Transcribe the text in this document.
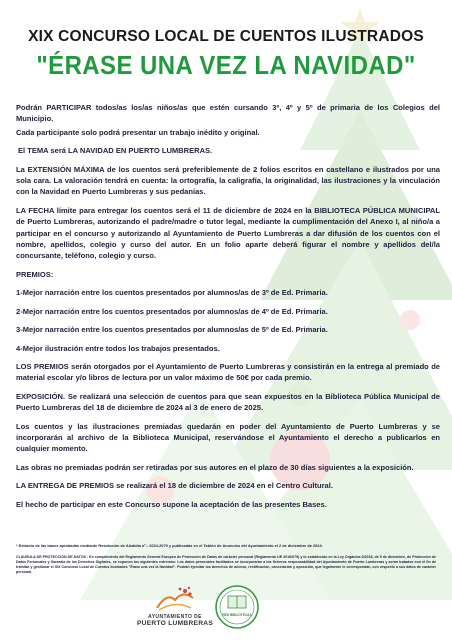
XIX CONCURSO LOCAL DE CUENTOS ILUSTRADOS
"ÉRASE UNA VEZ LA NAVIDAD"

Podrán PARTICIPAR todos/as los/as niños/as que estén cursando 3º, 4º y 5º de primaria de los Colegios del Municipio.

Cada participante solo podrá presentar un trabajo inédito y original.

El TEMA será LA NAVIDAD EN PUERTO LUMBRERAS.

La EXTENSIÓN MÁXIMA de los cuentos será preferiblemente de 2 folios escritos en castellano e ilustrados por una sola cara. La valoración tendrá en cuenta: la ortografía, la caligrafía, la originalidad, las ilustraciones y la vinculación con la Navidad en Puerto Lumbreras y sus pedanías.

LA FECHA límite para entregar los cuentos será el 11 de diciembre de 2024 en la BIBLIOTECA PÚBLICA MUNICIPAL de Puerto Lumbreras, autorizando el padre/madre o tutor legal, mediante la cumplimentación del Anexo I, al niño/a a participar en el concurso y autorizando al Ayuntamiento de Puerto Lumbreras a dar difusión de los cuentos con el nombre, apellidos, colegio y curso del autor. En un folio aparte deberá figurar el nombre y apellidos del/la concursante, teléfono, colegio y curso.

PREMIOS:

1-Mejor narración entre los cuentos presentados por alumnos/as de 3º de Ed. Primaria.

2-Mejor narración entre los cuentos presentados por alumnos/as de 4º de Ed. Primaria.

3-Mejor narración entre los cuentos presentados por alumnos/as de 5º de Ed. Primaria.

4-Mejor ilustración entre todos los trabajos presentados.

LOS PREMIOS serán otorgados por el Ayuntamiento de Puerto Lumbreras y consistirán en la entrega al premiado de material escolar y/o libros de lectura por un valor máximo de 50€ por cada premio.

EXPOSICIÓN. Se realizará una selección de cuentos para que sean expuestos en la Biblioteca Pública Municipal de Puerto Lumbreras del 18 de diciembre de 2024 al 3 de enero de 2025.

Los cuentos y las ilustraciones premiadas quedarán en poder del Ayuntamiento de Puerto Lumbreras y se incorporarán al archivo de la Biblioteca Municipal, reservándose el Ayuntamiento el derecho a publicarlos en cualquier momento.

Las obras no premiadas podrán ser retiradas por sus autores en el plazo de 30 días siguientes a la exposición.

LA ENTREGA DE PREMIOS se realizará el 18 de diciembre de 2024 en el Centro Cultural.

El hecho de participar en este Concurso supone la aceptación de las presentes Bases.

* Extracto de las bases aprobadas mediante Resolución de Alcaldía nº.: 2024-2079 y publicadas en el Tablón de Anuncios del Ayuntamiento el 2 de diciembre de 2024.
CLÁUSULA DE PROTECCIÓN DE DATOS : En cumplimiento del Reglamento General Europeo de Protección de Datos de carácter personal (Reglamento UE 2016/679) y lo establecido en la Ley Orgánica 3/2018, de 5 de diciembre, de Protección de Datos Personales y Garantía de los Derechos Digitales, se exponen los siguientes extremos: Los datos personales facilitados se incorporarán a los ficheros responsabilidad del Ayuntamiento de Puerto Lumbreras y serán tratados con el fin de tramitar y gestionar el XIX Concurso Local de Cuentos Ilustrados "Érase una vez la Navidad". Podrán ejercitar los derechos de acceso, rectificación, cancelación y oposición, que legalmente le correspondan, con respecto a sus datos de carácter personal.
AYUNTAMIENTO DE
PUERTO LUMBRERAS
RED BIBLIOTECAS
